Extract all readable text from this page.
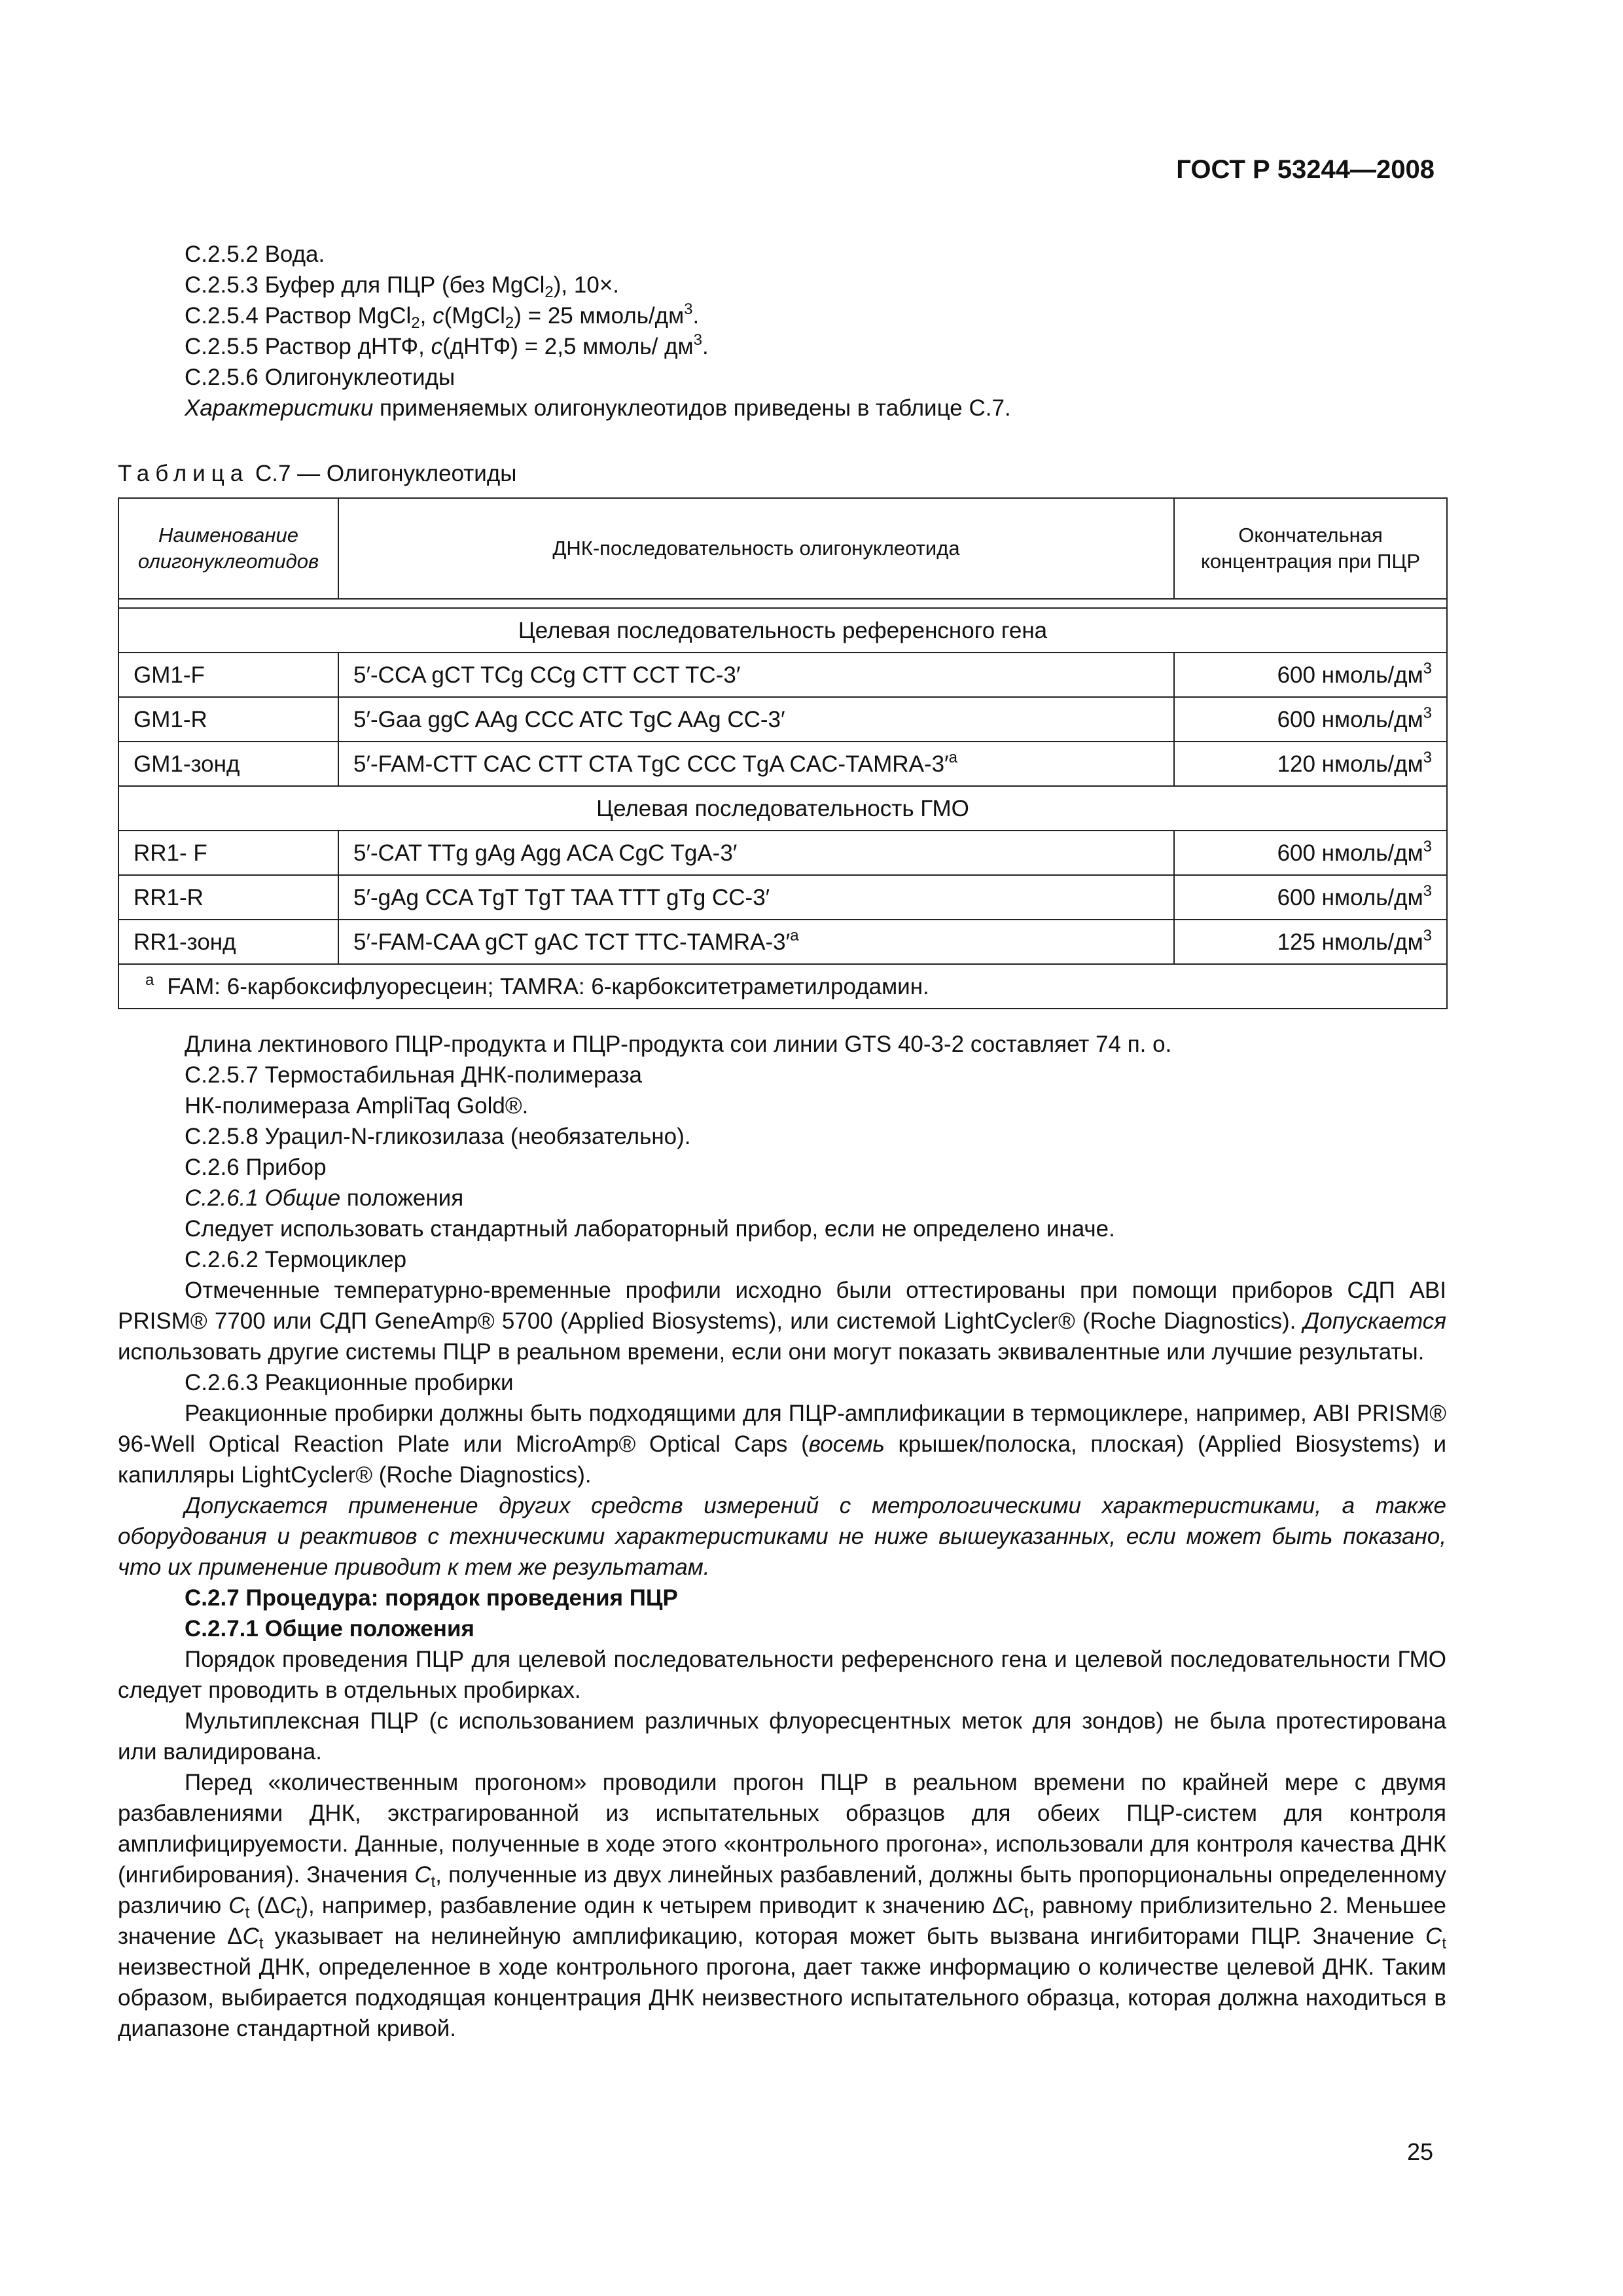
ГОСТ Р 53244—2008

С.2.5.2 Вода.

С.2.5.3 Буфер для ПЦР (без MgCl$_2$), 10×.

С.2.5.4 Раствор MgCl$_2$, c(MgCl$_2$) = 25 ммоль/$дм^3$.

С.2.5.5 Раствор дНТФ, c(дНТФ) = 2,5 ммоль/ $дм^3$.

С.2.5.6 Олигонуклеотиды

Характеристики применяемых олигонуклеотидов приведены в таблице С.7.

Таблица С.7 — Олигонуклеотиды

Наименование олигонуклеотидов	ДНК-последовательность олигонуклеотида	Окончательная концентрация при ПЦР

Целевая последовательность референсного гена		
GM1-F	5′-CCA gCT TCg CCg CTT CCT TC-3′	600 нмоль/$дм^3$
GM1-R	5′-Gaa ggC AAg CCC ATC TgC AAg CC-3′	600 нмоль/$дм^3$
GM1-зонд	5′-FAM-CTT CAC CTT CTA TgC CCC TgA CAC-$TAMRA-3'^a$	120 нмоль/$дм^3$
Целевая последовательность ГМО		
RR1- F	5′-CAT TTg gAg Agg ACA CgC TgA-3′	600 нмоль/$дм^3$
RR1-R	5′-gAg CCA TgT TgT TAA TTT gTg CC-3′	600 нмоль/$дм^3$
RR1-зонд	5′-FAM-CAA gCT gAC TCT TTC-$TAMRA-3'^a$	125 нмоль/$дм^3$
$^a$ FAM: 6-карбоксифлуоресцеин; TAMRA: 6-карбокситетраметилродамин.		

Длина лектинового ПЦР-продукта и ПЦР-продукта сои линии GTS 40-3-2 составляет 74 п. о.

С.2.5.7 Термостабильная ДНК-полимераза

НК-полимераза AmpliTaq Gold®.

С.2.5.8 Урацил-N-гликозилаза (необязательно).

С.2.6 Прибор

С.2.6.1 Общие положения

Следует использовать стандартный лабораторный прибор, если не определено иначе.

С.2.6.2 Термоциклер

Отмеченные температурно-временные профили исходно были оттестированы при помощи приборов СДП ABI PRISM® 7700 или СДП GeneAmp® 5700 (Applied Biosystems), или системой LightCycler® (Roche Diagnostics). Допускается использовать другие системы ПЦР в реальном времени, если они могут показать эквивалентные или лучшие результаты.

С.2.6.3 Реакционные пробирки

Реакционные пробирки должны быть подходящими для ПЦР-амплификации в термоциклере, например, ABI PRISM® 96-Well Optical Reaction Plate или MicroAmp® Optical Caps (восемь крышек/полоска, плоская) (Applied Biosystems) и капилляры LightCycler® (Roche Diagnostics).

Допускается применение других средств измерений с метрологическими характеристиками, а также оборудования и реактивов с техническими характеристиками не ниже вышеуказанных, если может быть показано, что их применение приводит к тем же результатам.

С.2.7 Процедура: порядок проведения ПЦР

С.2.7.1 Общие положения

Порядок проведения ПЦР для целевой последовательности референсного гена и целевой последовательности ГМО следует проводить в отдельных пробирках.

Мультиплексная ПЦР (с использованием различных флуоресцентных меток для зондов) не была протестирована или валидирована.

Перед «количественным прогоном» проводили прогон ПЦР в реальном времени по крайней мере с двумя разбавлениями ДНК, экстрагированной из испытательных образцов для обеих ПЦР-систем для контроля амплифицируемости. Данные, полученные в ходе этого «контрольного прогона», использовали для контроля качества ДНК (ингибирования). Значения $C_t$, полученные из двух линейных разбавлений, должны быть пропорциональны определенному различию $C_t$ $(\Delta C_t)$, например, разбавление один к четырем приводит к значению $\Delta C_t$, равному приблизительно 2. Меньшее значение $\Delta C_t$ указывает на нелинейную амплификацию, которая может быть вызвана ингибиторами ПЦР. Значение $C_t$ неизвестной ДНК, определенное в ходе контрольного прогона, дает также информацию о количестве целевой ДНК. Таким образом, выбирается подходящая концентрация ДНК неизвестного испытательного образца, которая должна находиться в диапазоне стандартной кривой.

25
